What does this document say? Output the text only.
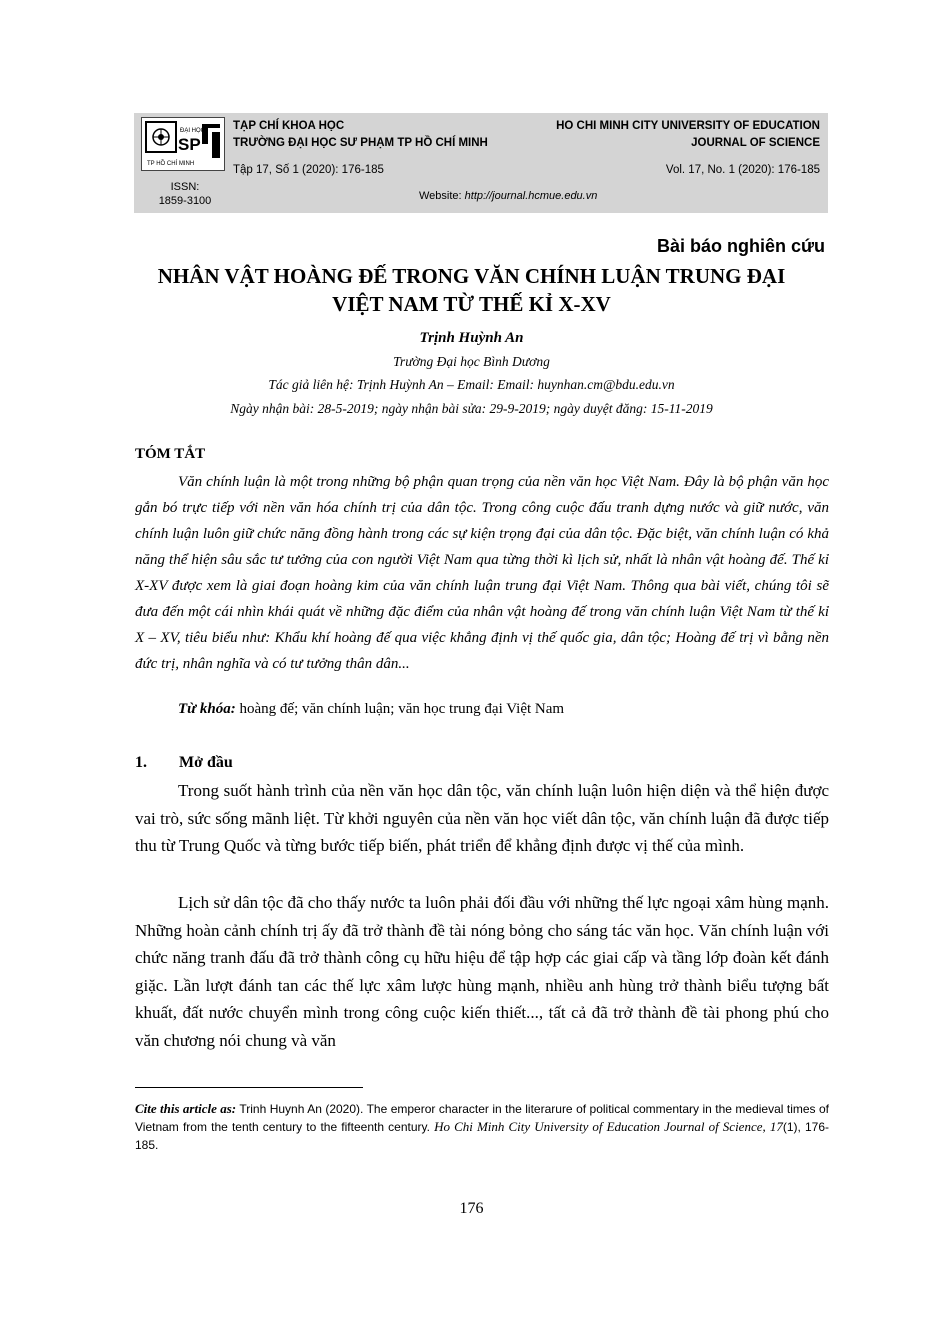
ĐẠI HỌC
SP
TP HỒ CHÍ MINH
TẠP CHÍ KHOA HỌC
TRƯỜNG ĐẠI HỌC SƯ PHẠM TP HỒ CHÍ MINH
Tập 17, Số 1 (2020): 176-185
HO CHI MINH CITY UNIVERSITY OF EDUCATION
JOURNAL OF SCIENCE
Vol. 17, No. 1 (2020): 176-185
ISSN:
1859-3100	Website: http://journal.hcmue.edu.vn
Bài báo nghiên cứu
NHÂN VẬT HOÀNG ĐẾ TRONG VĂN CHÍNH LUẬN TRUNG ĐẠI
VIỆT NAM TỪ THẾ KỈ X-XV
Trịnh Huỳnh An
Trường Đại học Bình Dương
Tác giả liên hệ: Trịnh Huỳnh An – Email: Email: huynhan.cm@bdu.edu.vn
Ngày nhận bài: 28-5-2019; ngày nhận bài sửa: 29-9-2019; ngày duyệt đăng: 15-11-2019
TÓM TẮT

Văn chính luận là một trong những bộ phận quan trọng của nền văn học Việt Nam. Đây là bộ phận văn học gắn bó trực tiếp với nền văn hóa chính trị của dân tộc. Trong công cuộc đấu tranh dựng nước và giữ nước, văn chính luận luôn giữ chức năng đồng hành trong các sự kiện trọng đại của dân tộc. Đặc biệt, văn chính luận có khả năng thể hiện sâu sắc tư tưởng của con người Việt Nam qua từng thời kì lịch sử, nhất là nhân vật hoàng đế. Thế kỉ X-XV được xem là giai đoạn hoàng kim của văn chính luận trung đại Việt Nam. Thông qua bài viết, chúng tôi sẽ đưa đến một cái nhìn khái quát về những đặc điểm của nhân vật hoàng đế trong văn chính luận Việt Nam từ thế kỉ X – XV, tiêu biểu như: Khẩu khí hoàng đế qua việc khẳng định vị thế quốc gia, dân tộc; Hoàng đế trị vì bằng nền đức trị, nhân nghĩa và có tư tưởng thân dân...

Từ khóa: hoàng đế; văn chính luận; văn học trung đại Việt Nam
1. Mở đầu

Trong suốt hành trình của nền văn học dân tộc, văn chính luận luôn hiện diện và thể hiện được vai trò, sức sống mãnh liệt. Từ khởi nguyên của nền văn học viết dân tộc, văn chính luận đã được tiếp thu từ Trung Quốc và từng bước tiếp biến, phát triển để khẳng định được vị thế của mình.

Lịch sử dân tộc đã cho thấy nước ta luôn phải đối đầu với những thế lực ngoại xâm hùng mạnh. Những hoàn cảnh chính trị ấy đã trở thành đề tài nóng bỏng cho sáng tác văn học. Văn chính luận với chức năng tranh đấu đã trở thành công cụ hữu hiệu để tập hợp các giai cấp và tầng lớp đoàn kết đánh giặc. Lần lượt đánh tan các thế lực xâm lược hùng mạnh, nhiều anh hùng trở thành biểu tượng bất khuất, đất nước chuyển mình trong công cuộc kiến thiết..., tất cả đã trở thành đề tài phong phú cho văn chương nói chung và văn

Cite this article as: Trinh Huynh An (2020). The emperor character in the literarure of political commentary in the medieval times of Vietnam from the tenth century to the fifteenth century. Ho Chi Minh City University of Education Journal of Science, 17(1), 176-185.

176
